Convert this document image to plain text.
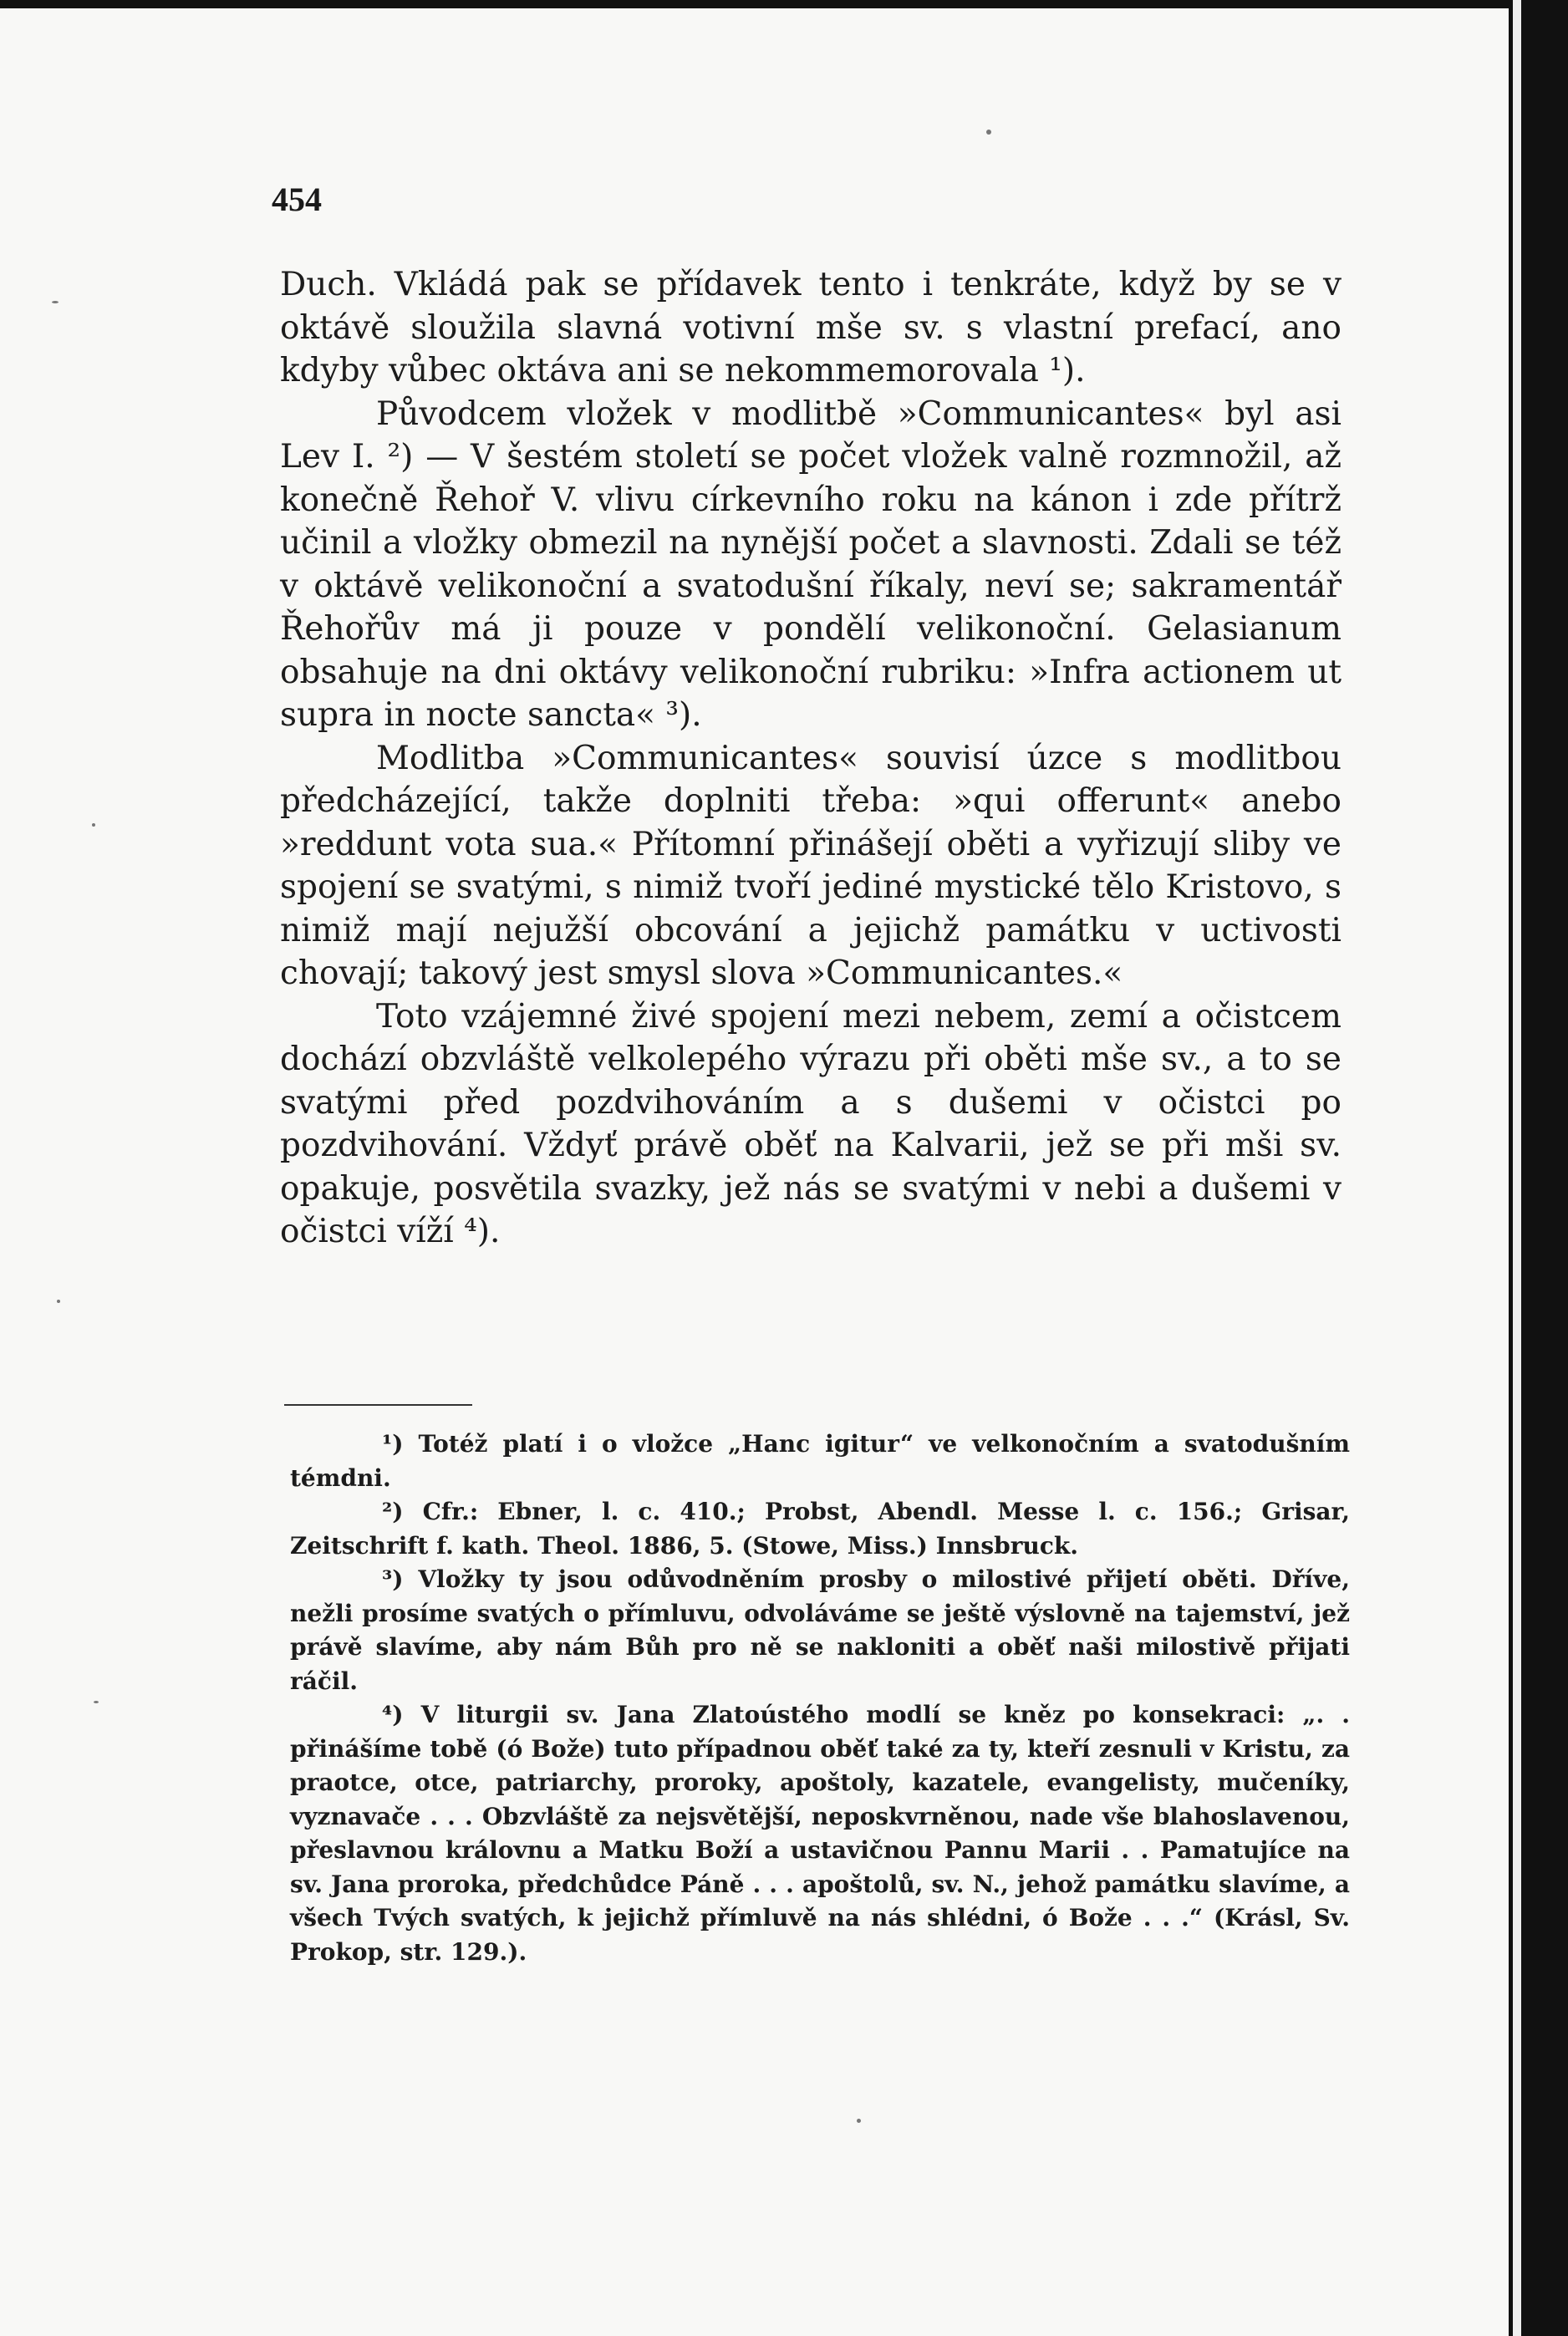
454

Duch. Vkládá pak se přídavek tento i tenkráte, když by se v oktávě sloužila slavná votivní mše sv. s vlastní prefací, ano kdyby vůbec oktáva ani se nekommemorovala ¹).

Původcem vložek v modlitbě »Communicantes« byl asi Lev I. ²) — V šestém století se počet vložek valně rozmnožil, až konečně Řehoř V. vlivu církevního roku na kánon i zde přítrž učinil a vložky obmezil na nynější počet a slavnosti. Zdali se též v oktávě velikonoční a svatodušní říkaly, neví se; sakramentář Řehořův má ji pouze v pondělí velikonoční. Gelasianum obsahuje na dni oktávy velikonoční rubriku: »Infra actionem ut supra in nocte sancta« ³).

Modlitba »Communicantes« souvisí úzce s modlitbou předcházející, takže doplniti třeba: »qui offerunt« anebo »reddunt vota sua.« Přítomní přinášejí oběti a vyřizují sliby ve spojení se svatými, s nimiž tvoří jediné mystické tělo Kristovo, s nimiž mají nejužší obcování a jejichž památku v uctivosti chovají; takový jest smysl slova »Communicantes.«

Toto vzájemné živé spojení mezi nebem, zemí a očistcem dochází obzvláště velkolepého výrazu při oběti mše sv., a to se svatými před pozdvihováním a s dušemi v očistci po pozdvihování. Vždyť právě oběť na Kalvarii, jež se při mši sv. opakuje, posvětila svazky, jež nás se svatými v nebi a dušemi v očistci víží ⁴).

¹) Totéž platí i o vložce „Hanc igitur“ ve velkonočním a svatodušním témdni.

²) Cfr.: Ebner, l. c. 410.; Probst, Abendl. Messe l. c. 156.; Grisar, Zeitschrift f. kath. Theol. 1886, 5. (Stowe, Miss.) Innsbruck.

³) Vložky ty jsou odůvodněním prosby o milostivé přijetí oběti. Dříve, nežli prosíme svatých o přímluvu, odvoláváme se ještě výslovně na tajemství, jež právě slavíme, aby nám Bůh pro ně se nakloniti a oběť naši milostivě přijati ráčil.

⁴) V liturgii sv. Jana Zlatoústého modlí se kněz po konsekraci: „. . přinášíme tobě (ó Bože) tuto případnou oběť také za ty, kteří zesnuli v Kristu, za praotce, otce, patriarchy, proroky, apoštoly, kazatele, evangelisty, mučeníky, vyznavače . . . Obzvláště za nejsvětější, neposkvrněnou, nade vše blahoslavenou, přeslavnou královnu a Matku Boží a ustavičnou Pannu Marii . . Pamatujíce na sv. Jana proroka, předchůdce Páně . . . apoštolů, sv. N., jehož památku slavíme, a všech Tvých svatých, k jejichž přímluvě na nás shlédni, ó Bože . . .“ (Krásl, Sv. Prokop, str. 129.).
